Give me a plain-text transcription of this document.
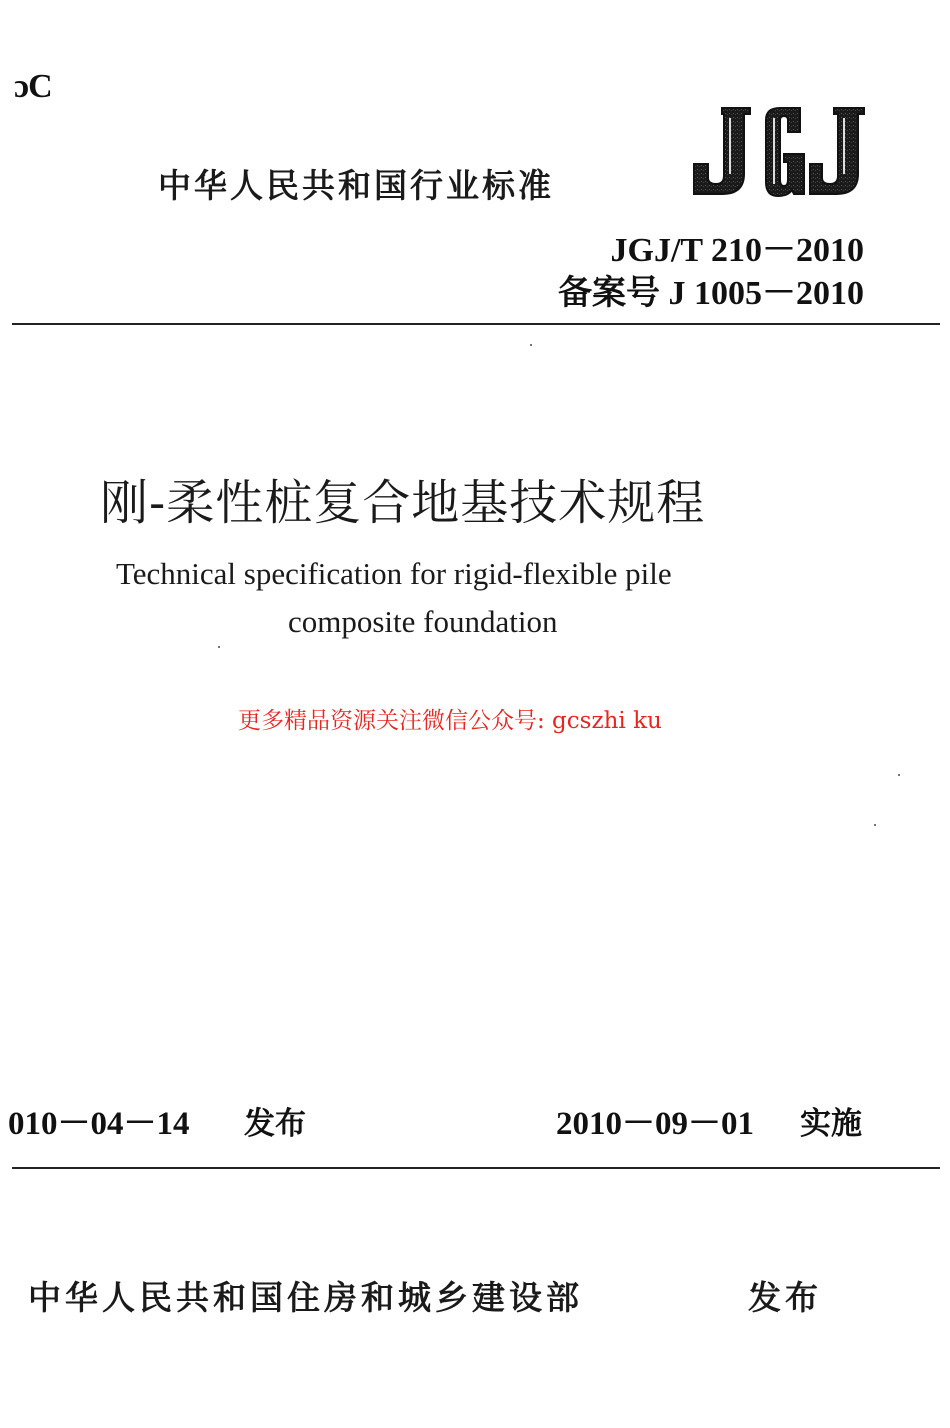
ɔC
中华人民共和国行业标准
JGJ/T 210－2010
备案号 J 1005－2010
刚-柔性桩复合地基技术规程
Technical specification for rigid-flexible pile
composite foundation
更多精品资源关注微信公众号: gcszhi ku
010－04－14 发布	2010－09－01 实施
中华人民共和国住房和城乡建设部	发布
